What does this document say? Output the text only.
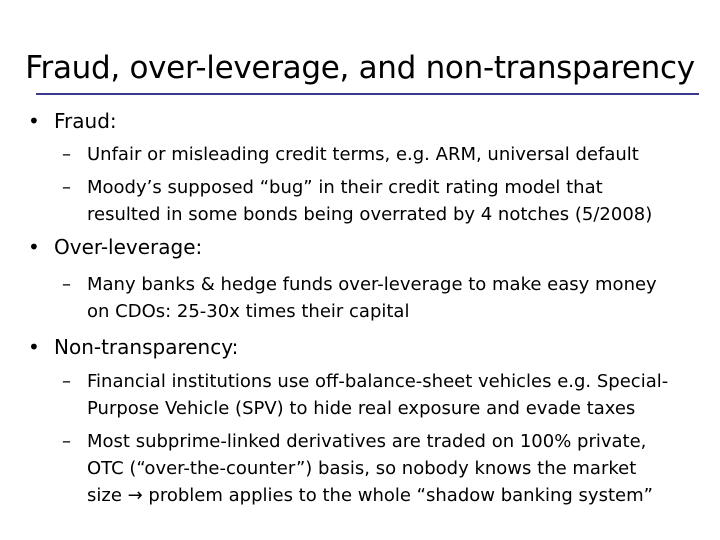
Fraud, over-leverage, and non-transparency
• Fraud:
– Unfair or misleading credit terms, e.g. ARM, universal default
– Moody’s supposed “bug” in their credit rating model that
resulted in some bonds being overrated by 4 notches (5/2008)
• Over-leverage:
– Many banks & hedge funds over-leverage to make easy money
on CDOs: 25-30x times their capital
• Non-transparency:
– Financial institutions use off-balance-sheet vehicles e.g. Special-
Purpose Vehicle (SPV) to hide real exposure and evade taxes
– Most subprime-linked derivatives are traded on 100% private,
OTC (“over-the-counter”) basis, so nobody knows the market
size → problem applies to the whole “shadow banking system”
